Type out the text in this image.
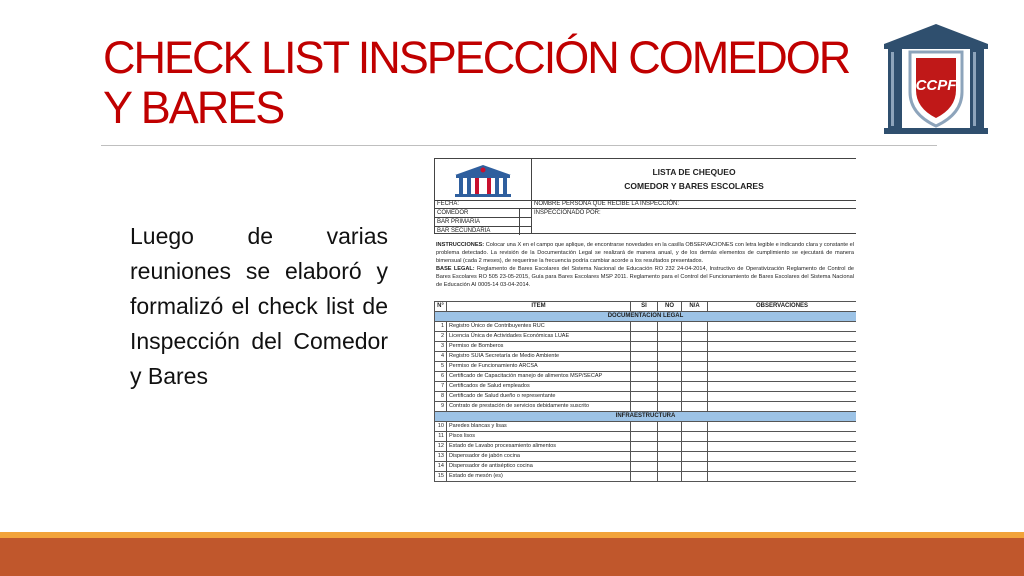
CHECK LIST INSPECCIÓN COMEDOR Y BARES	CCPF

Luego de varias reuniones se elaboró y formalizó el check list de Inspección del Comedor y Bares

LISTA DE CHEQUEO
COMEDOR Y BARES ESCOLARES
FECHA:
COMEDOR
BAR PRIMARIA
BAR SECUNDARIA
NOMBRE PERSONA QUE RECIBE LA INSPECCIÓN:
INSPECCIONADO POR:
INSTRUCCIONES: Colocar una X en el campo que aplique, de encontrarse novedades en la casilla OBSERVACIONES con letra legible e indicando clara y constante el problema detectado. La revisión de la Documentación Legal se realizará de manera anual, y de los demás elementos de cumplimiento se ejecutará de manera bimensual (cada 2 meses), de requerirse la frecuencia podría cambiar acorde a los resultados presentados.
BASE LEGAL: Reglamento de Bares Escolares del Sistema Nacional de Educación RO 232 24-04-2014, Instructivo de Operativización Reglamento de Control de Bares Escolares RO 505 23-05-2015, Guía para Bares Escolares MSP 2011. Reglamento para el Control del Funcionamiento de Bares Escolares del Sistema Nacional de Educación AI 0005-14 03-04-2014.
N°	ITEM	SI	NO	N/A	OBSERVACIONES
DOCUMENTACIÓN LEGAL					
1	Registro Único de Contribuyentes RUC				
2	Licencia Única de Actividades Económicas LUAE				
3	Permiso de Bomberos				
4	Registro SUIA Secretaría de Medio Ambiente				
5	Permiso de Funcionamiento ARCSA				
6	Certificado de Capacitación manejo de alimentos MSP/SECAP				
7	Certificados de Salud empleados				
8	Certificado de Salud dueño o representante				
9	Contrato de prestación de servicios debidamente suscrito				
INFRAESTRUCTURA					
10	Paredes blancas y lisas				
11	Pisos lisos				
12	Estado de Lavabo procesamiento alimentos				
13	Dispensador de jabón cocina				
14	Dispensador de antiséptico cocina				
15	Estado de mesón (es)				
